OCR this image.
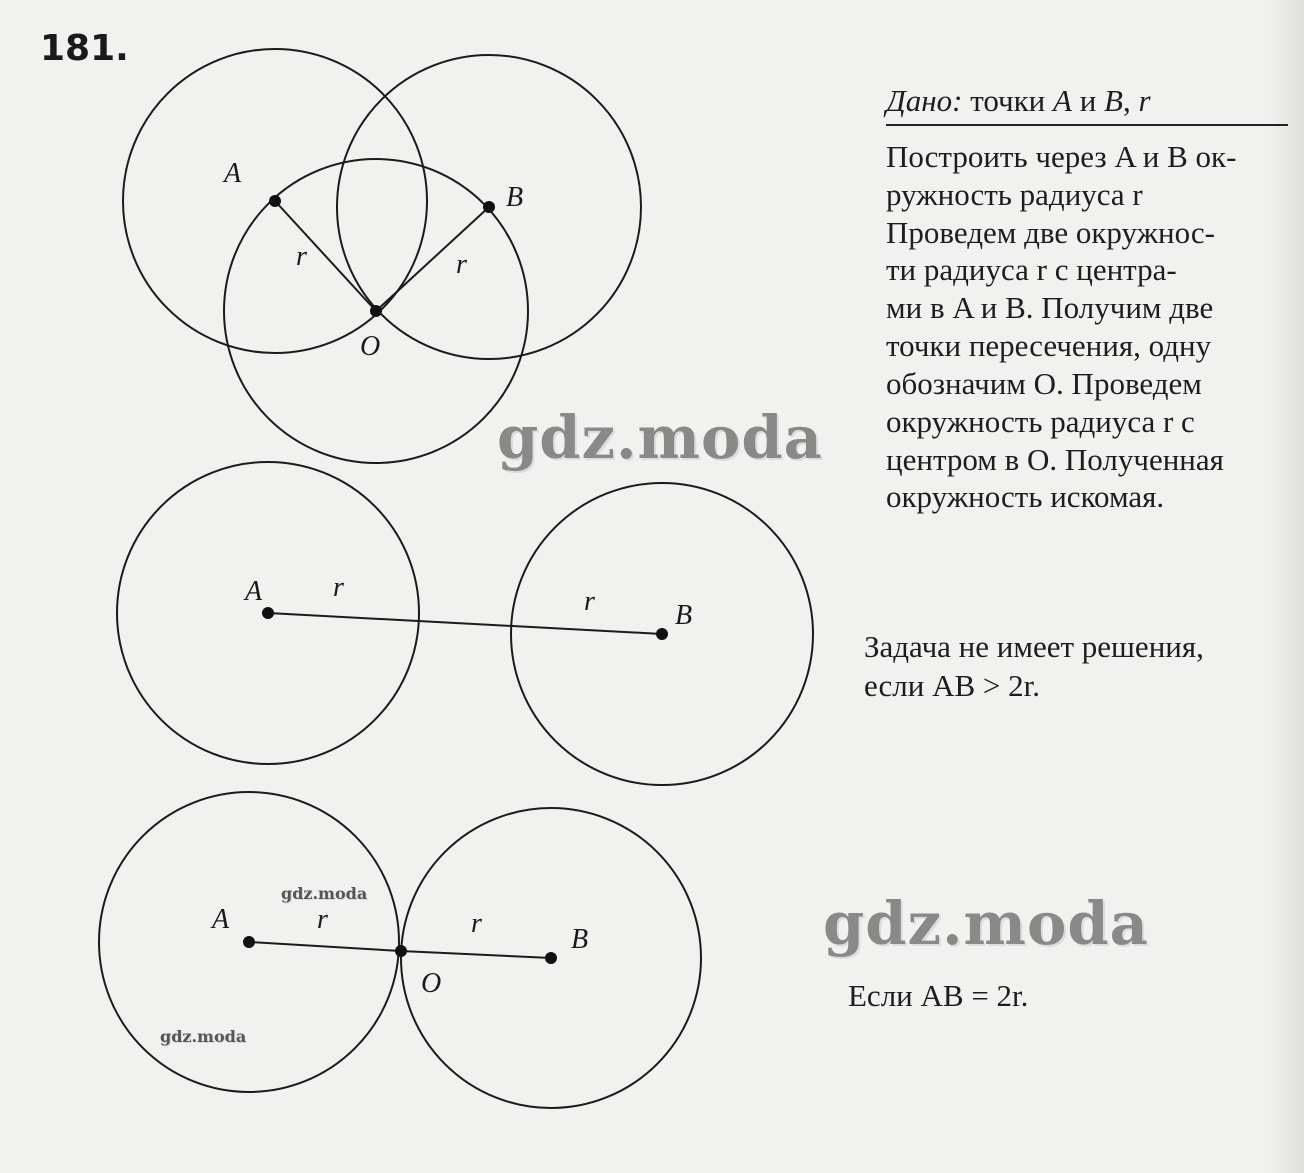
181.
A
B
r	r
O
A	r	r	B
A	r	r
B
O
Дано: точки A и B, r
Построить через A и B ок-
ружность радиуса r
Проведем две окружнос-
ти радиуса r с центра-
ми в A и B. Получим две
точки пересечения, одну
обозначим O. Проведем
окружность радиуса r с
центром в O. Полученная
окружность искомая.
Задача не имеет решения,
если AB > 2r.
Если AB = 2r.
gdz.moda
gdz.moda
gdz.moda
gdz.moda
